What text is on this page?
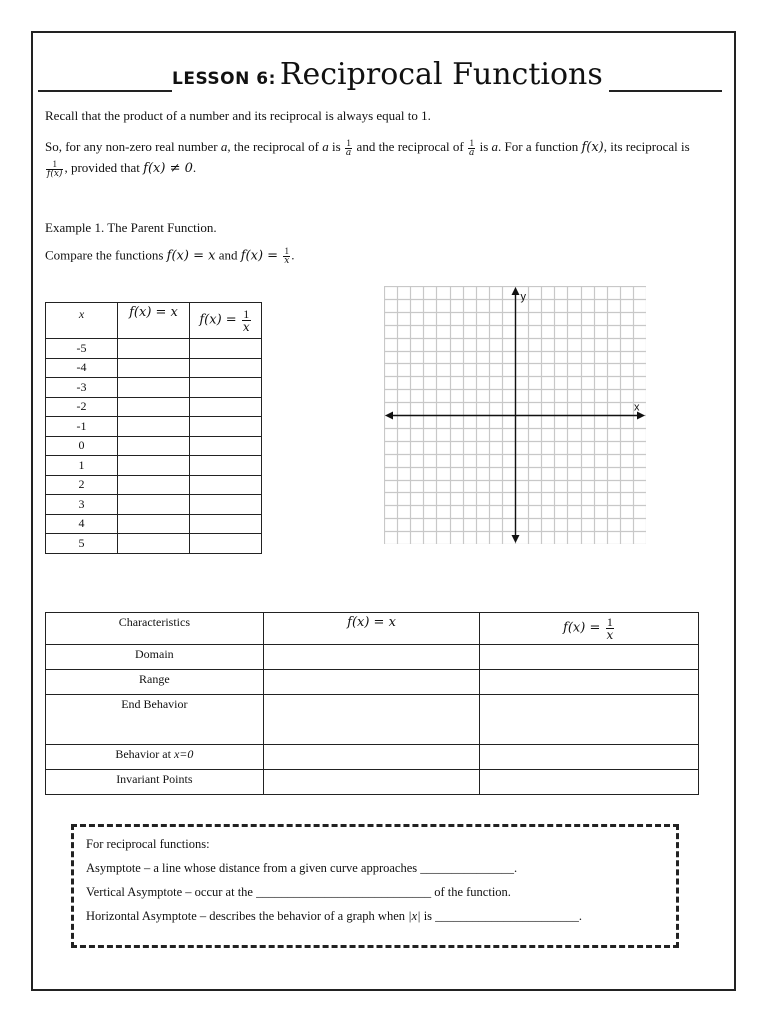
LESSON 6: Reciprocal Functions
Recall that the product of a number and its reciprocal is always equal to 1.
So, for any non-zero real number a, the reciprocal of a is $\frac{1}{a}$ and the reciprocal of $\frac{1}{a}$ is a. For a function f(x), its reciprocal is

$\frac{1}{f(x)}$ , provided that f(x) ≠ 0.
Example 1. The Parent Function.
Compare the functions f(x) = x and $f(x) = \frac{1}{x}$ .
x	f(x) = x	$f(x) = \frac{1}{x}$

-5		
-4		
-3		
-2		
-1		
0		
1		
2		
3		
4		
5		
x
y
Characteristics	f(x) = x	$f(x) = \frac{1}{x}$

Domain		
Range		
End Behavior		
Behavior at x=0		
Invariant Points		
For reciprocal functions:
Asymptote – a line whose distance from a given curve approaches _______________.
Vertical Asymptote – occur at the ____________________________ of the function.
Horizontal Asymptote – describes the behavior of a graph when |x| is _______________________.
